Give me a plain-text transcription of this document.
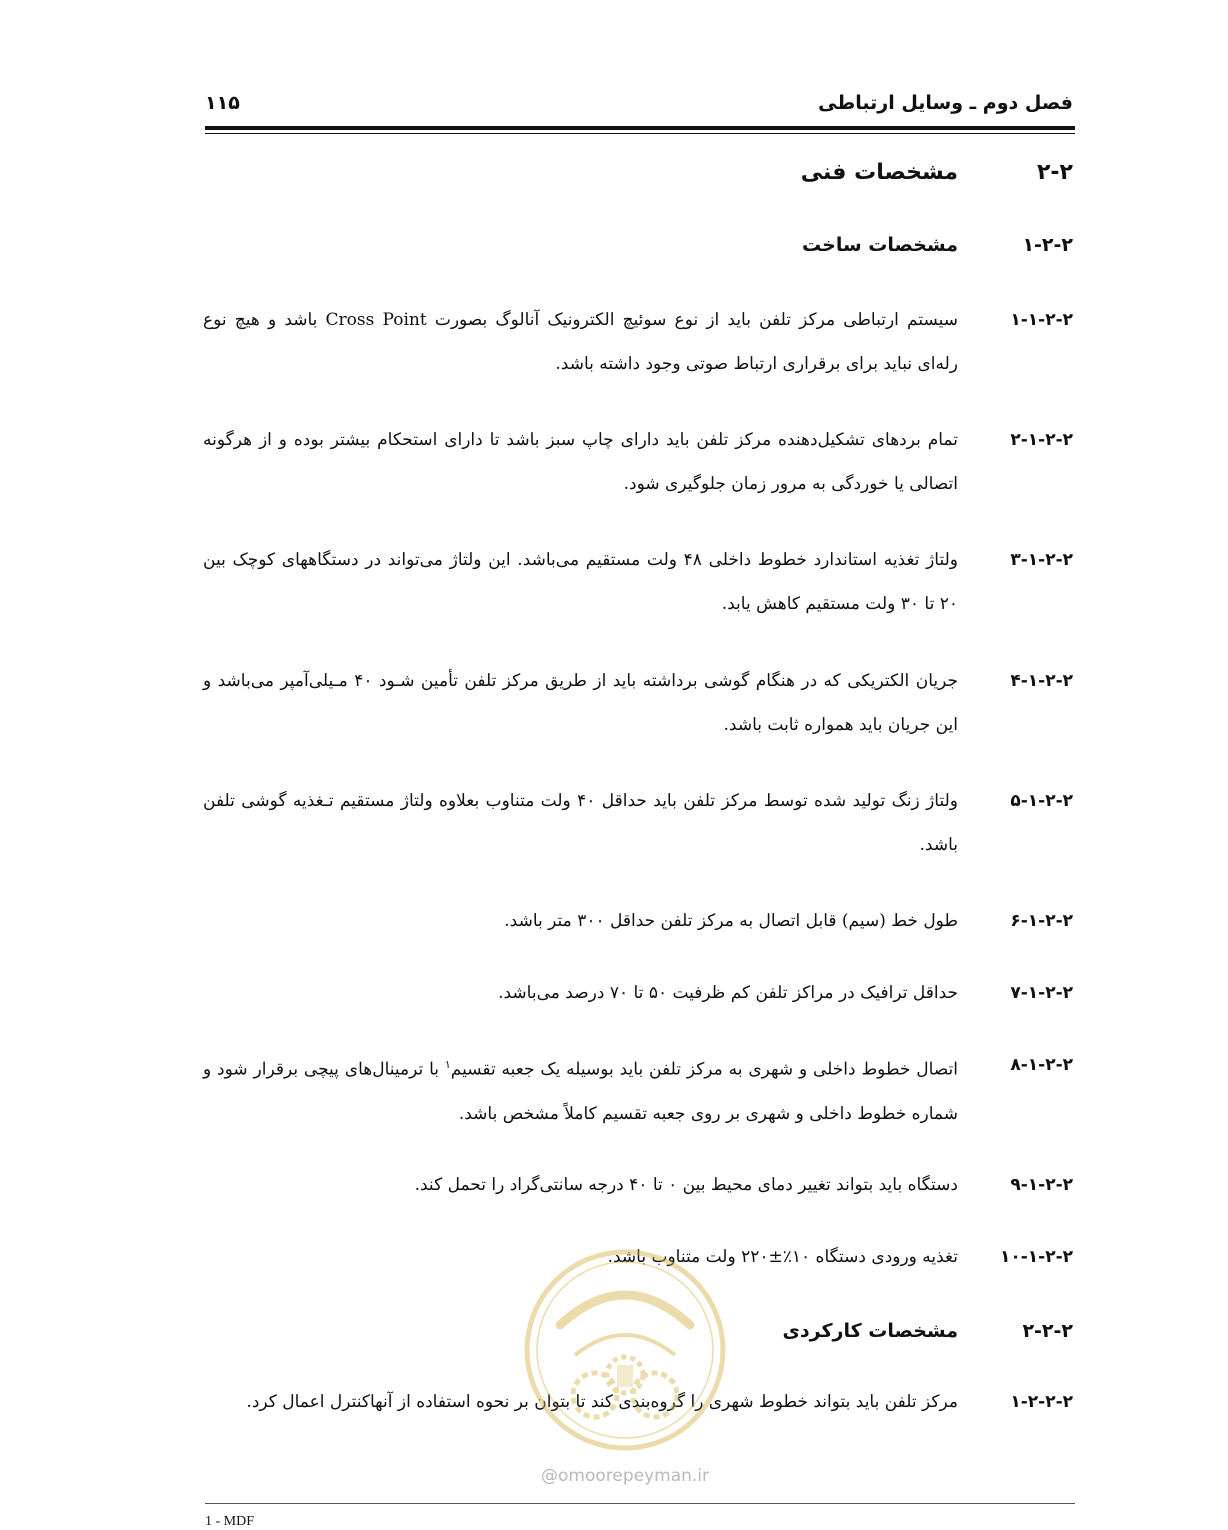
فصل دوم ـ وسایل ارتباطی
۱۱۵
۲-۲
مشخصات فنی
۱-۲-۲
مشخصات ساخت
۱-۱-۲-۲
سیستم ارتباطی مرکز تلفن باید از نوع سوئیچ الکترونیک آنالوگ بصورت Cross Point باشد و هیچ نوع رله‌ای نباید برای برقراری ارتباط صوتی وجود داشته باشد.
۲-۱-۲-۲
تمام بردهای تشکیل‌دهنده مرکز تلفن باید دارای چاپ سبز باشد تا دارای استحکام بیشتر بوده و از هرگونه اتصالی یا خوردگی به مرور زمان جلوگیری شود.
۳-۱-۲-۲
ولتاژ تغذیه استاندارد خطوط داخلی ۴۸ ولت مستقیم می‌باشد. این ولتاژ می‌تواند در دستگاههای کوچک بین ۲۰ تا ۳۰ ولت مستقیم کاهش یابد.
۴-۱-۲-۲
جریان الکتریکی که در هنگام گوشی برداشته باید از طریق مرکز تلفن تأمین شـود ۴۰ مـیلی‌آمپر می‌باشد و این جریان باید همواره ثابت باشد.
۵-۱-۲-۲
ولتاژ زنگ تولید شده توسط مرکز تلفن باید حداقل ۴۰ ولت متناوب بعلاوه ولتاژ مستقیم تـغذیه گوشی تلفن باشد.
۶-۱-۲-۲
طول خط (سیم) قابل اتصال به مرکز تلفن حداقل ۳۰۰ متر باشد.
۷-۱-۲-۲
حداقل ترافیک در مراکز تلفن کم ظرفیت ۵۰ تا ۷۰ درصد می‌باشد.
۸-۱-۲-۲
اتصال خطوط داخلی و شهری به مرکز تلفن باید بوسیله یک جعبه تقسیم$^۱$ با ترمینال‌های پیچی برقرار شود و شماره خطوط داخلی و شهری بر روی جعبه تقسیم کاملاً مشخص باشد.
۹-۱-۲-۲
دستگاه باید بتواند تغییر دمای محیط بین ۰ تا ۴۰ درجه سانتی‌گراد را تحمل کند.
۱۰-۱-۲-۲
تغذیه ورودی دستگاه ۱۰٪±۲۲۰ ولت متناوب باشد.
۲-۲-۲
مشخصات کارکردی
۱-۲-۲-۲
مرکز تلفن باید بتواند خطوط شهری را گروه‌بندی کند تا بتوان بر نحوه استفاده از آنهاکنترل اعمال کرد.
@omoorepeyman.ir
1 - MDF
